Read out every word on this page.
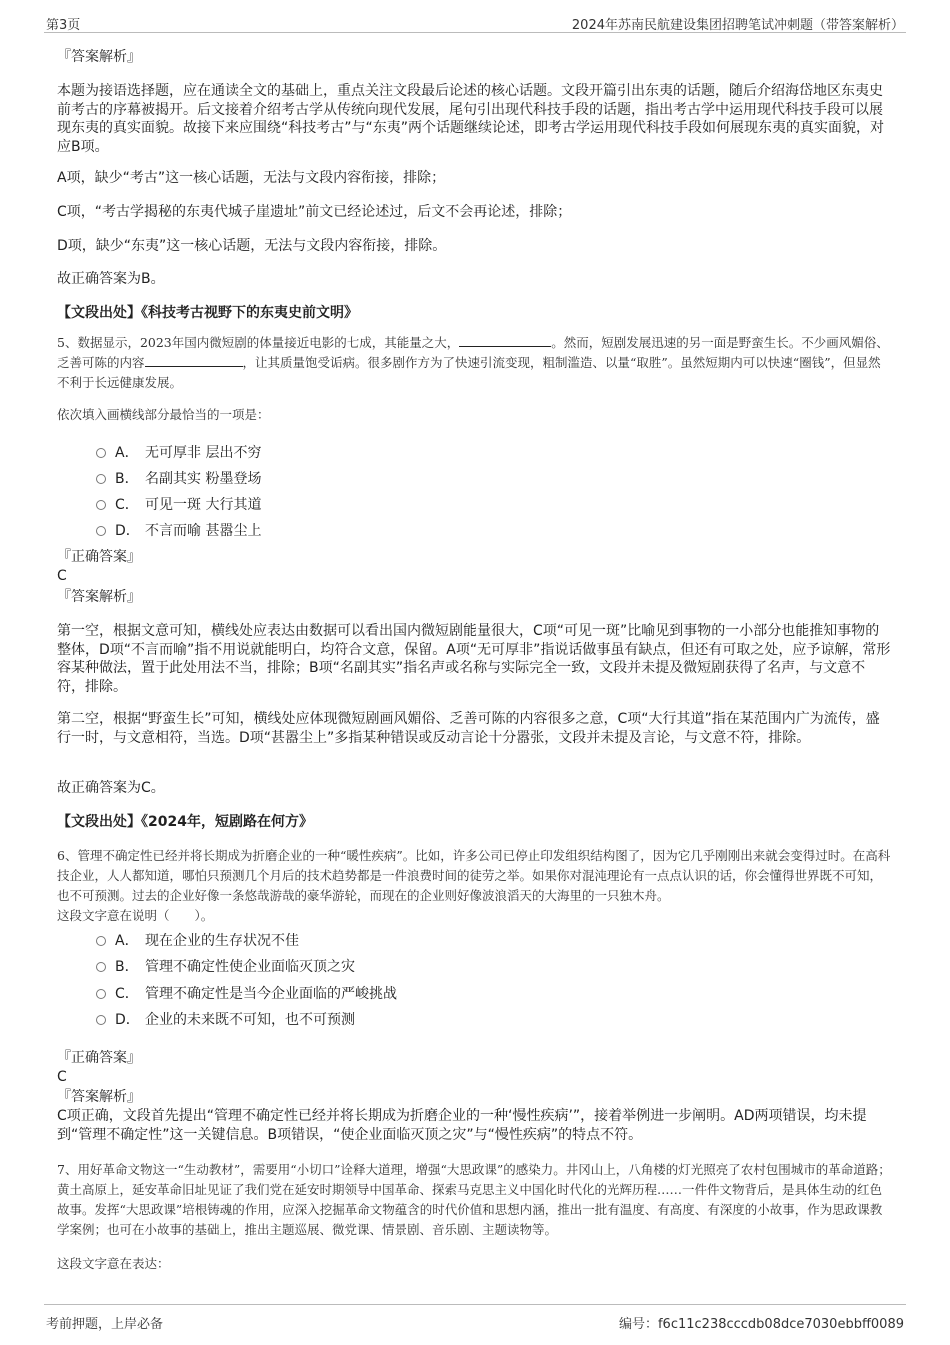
第3页	2024年苏南民航建设集团招聘笔试冲刺题（带答案解析）

『答案解析』

本题为接语选择题，应在通读全文的基础上，重点关注文段最后论述的核心话题。文段开篇引出东夷的话题，随后介绍海岱地区东夷史前考古的序幕被揭开。后文接着介绍考古学从传统向现代发展，尾句引出现代科技手段的话题，指出考古学中运用现代科技手段可以展现东夷的真实面貌。故接下来应围绕“科技考古”与“东夷”两个话题继续论述，即考古学运用现代科技手段如何展现东夷的真实面貌，对应B项。

A项，缺少“考古”这一核心话题，无法与文段内容衔接，排除；

C项，“考古学揭秘的东夷代城子崖遗址”前文已经论述过，后文不会再论述，排除；

D项，缺少“东夷”这一核心话题，无法与文段内容衔接，排除。

故正确答案为B。

【文段出处】《科技考古视野下的东夷史前文明》

5、数据显示，2023年国内微短剧的体量接近电影的七成，其能量之大，	。然而，短剧发展迅速的另一面是野蛮生长。不少画风媚俗、乏善可陈的内容	，让其质量饱受诟病。很多剧作方为了快速引流变现，粗制滥造、以量“取胜”。虽然短期内可以快速“圈钱”，但显然不利于长远健康发展。

依次填入画横线部分最恰当的一项是：

A． 无可厚非 层出不穷
B． 名副其实 粉墨登场
C． 可见一斑 大行其道
D． 不言而喻 甚嚣尘上

『正确答案』

C

『答案解析』

第一空，根据文意可知，横线处应表达由数据可以看出国内微短剧能量很大，C项“可见一斑”比喻见到事物的一小部分也能推知事物的整体，D项“不言而喻”指不用说就能明白，均符合文意，保留。A项“无可厚非”指说话做事虽有缺点，但还有可取之处，应予谅解，常形容某种做法，置于此处用法不当，排除；B项“名副其实”指名声或名称与实际完全一致，文段并未提及微短剧获得了名声，与文意不符，排除。

第二空，根据“野蛮生长”可知，横线处应体现微短剧画风媚俗、乏善可陈的内容很多之意，C项“大行其道”指在某范围内广为流传，盛行一时，与文意相符，当选。D项“甚嚣尘上”多指某种错误或反动言论十分嚣张，文段并未提及言论，与文意不符，排除。

故正确答案为C。

【文段出处】《2024年，短剧路在何方》

6、管理不确定性已经并将长期成为折磨企业的一种“暖性疾病”。比如，许多公司已停止印发组织结构图了，因为它几乎刚刚出来就会变得过时。在高科技企业，人人都知道，哪怕只预测几个月后的技术趋势都是一件浪费时间的徒劳之举。如果你对混沌理论有一点点认识的话，你会懂得世界既不可知，也不可预测。过去的企业好像一条悠哉游哉的豪华游轮，而现在的企业则好像波浪滔天的大海里的一只独木舟。

这段文字意在说明（　　）。

A． 现在企业的生存状况不佳
B． 管理不确定性使企业面临灭顶之灾
C． 管理不确定性是当今企业面临的严峻挑战
D． 企业的未来既不可知，也不可预测

『正确答案』

C

『答案解析』

C项正确，文段首先提出“管理不确定性已经并将长期成为折磨企业的一种‘慢性疾病’”，接着举例进一步阐明。AD两项错误，均未提到“管理不确定性”这一关键信息。B项错误，“使企业面临灭顶之灾”与“慢性疾病”的特点不符。

7、用好革命文物这一“生动教材”，需要用“小切口”诠释大道理，增强“大思政课”的感染力。井冈山上，八角楼的灯光照亮了农村包围城市的革命道路；黄土高原上，延安革命旧址见证了我们党在延安时期领导中国革命、探索马克思主义中国化时代化的光辉历程……一件件文物背后，是具体生动的红色故事。发挥“大思政课”培根铸魂的作用，应深入挖掘革命文物蕴含的时代价值和思想内涵，推出一批有温度、有高度、有深度的小故事，作为思政课教学案例；也可在小故事的基础上，推出主题巡展、微党课、情景剧、音乐剧、主题读物等。

这段文字意在表达：

考前押题，上岸必备	编号：f6c11c238cccdb08dce7030ebbff0089
